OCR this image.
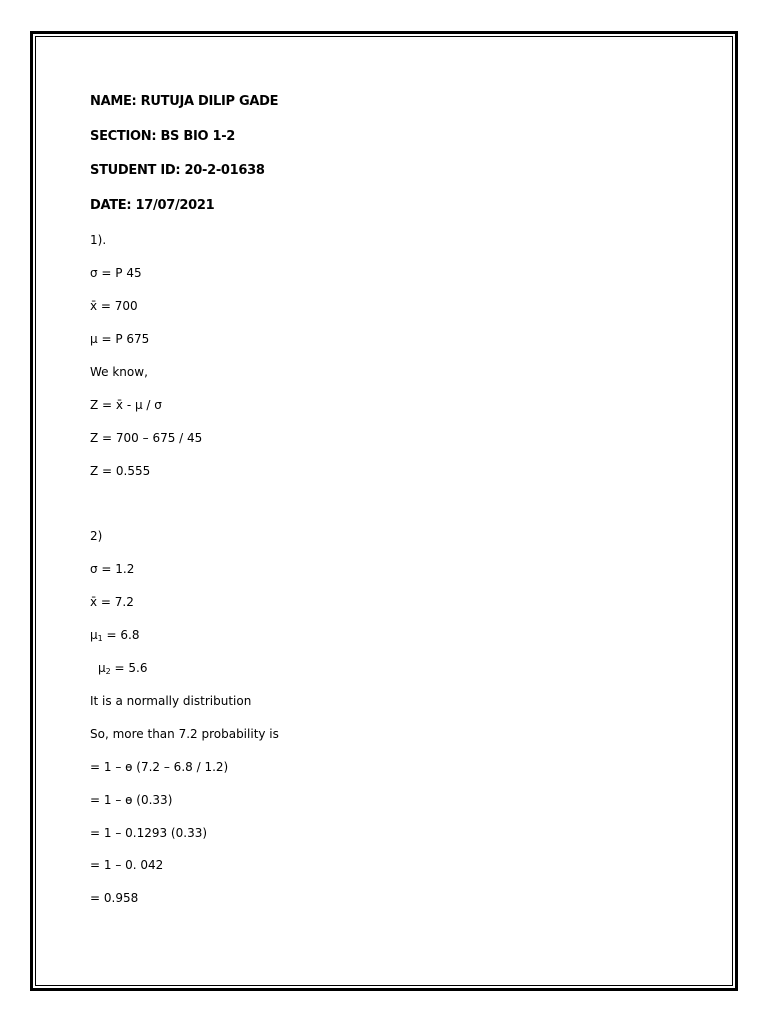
NAME: RUTUJA DILIP GADE
SECTION: BS BIO 1-2
STUDENT ID: 20-2-01638
DATE: 17/07/2021
1).
σ = P 45
x̄ = 700
μ = P 675
We know,
Z = x̄ - μ / σ
Z = 700 – 675 / 45
Z = 0.555
2)
σ = 1.2
x̄ = 7.2
$\mu_1 = 6.8$
$\mu_2 = 5.6$
It is a normally distribution
So, more than 7.2 probability is
= 1 – ɵ (7.2 – 6.8 / 1.2)
= 1 – ɵ (0.33)
= 1 – 0.1293 (0.33)
= 1 – 0. 042
= 0.958
